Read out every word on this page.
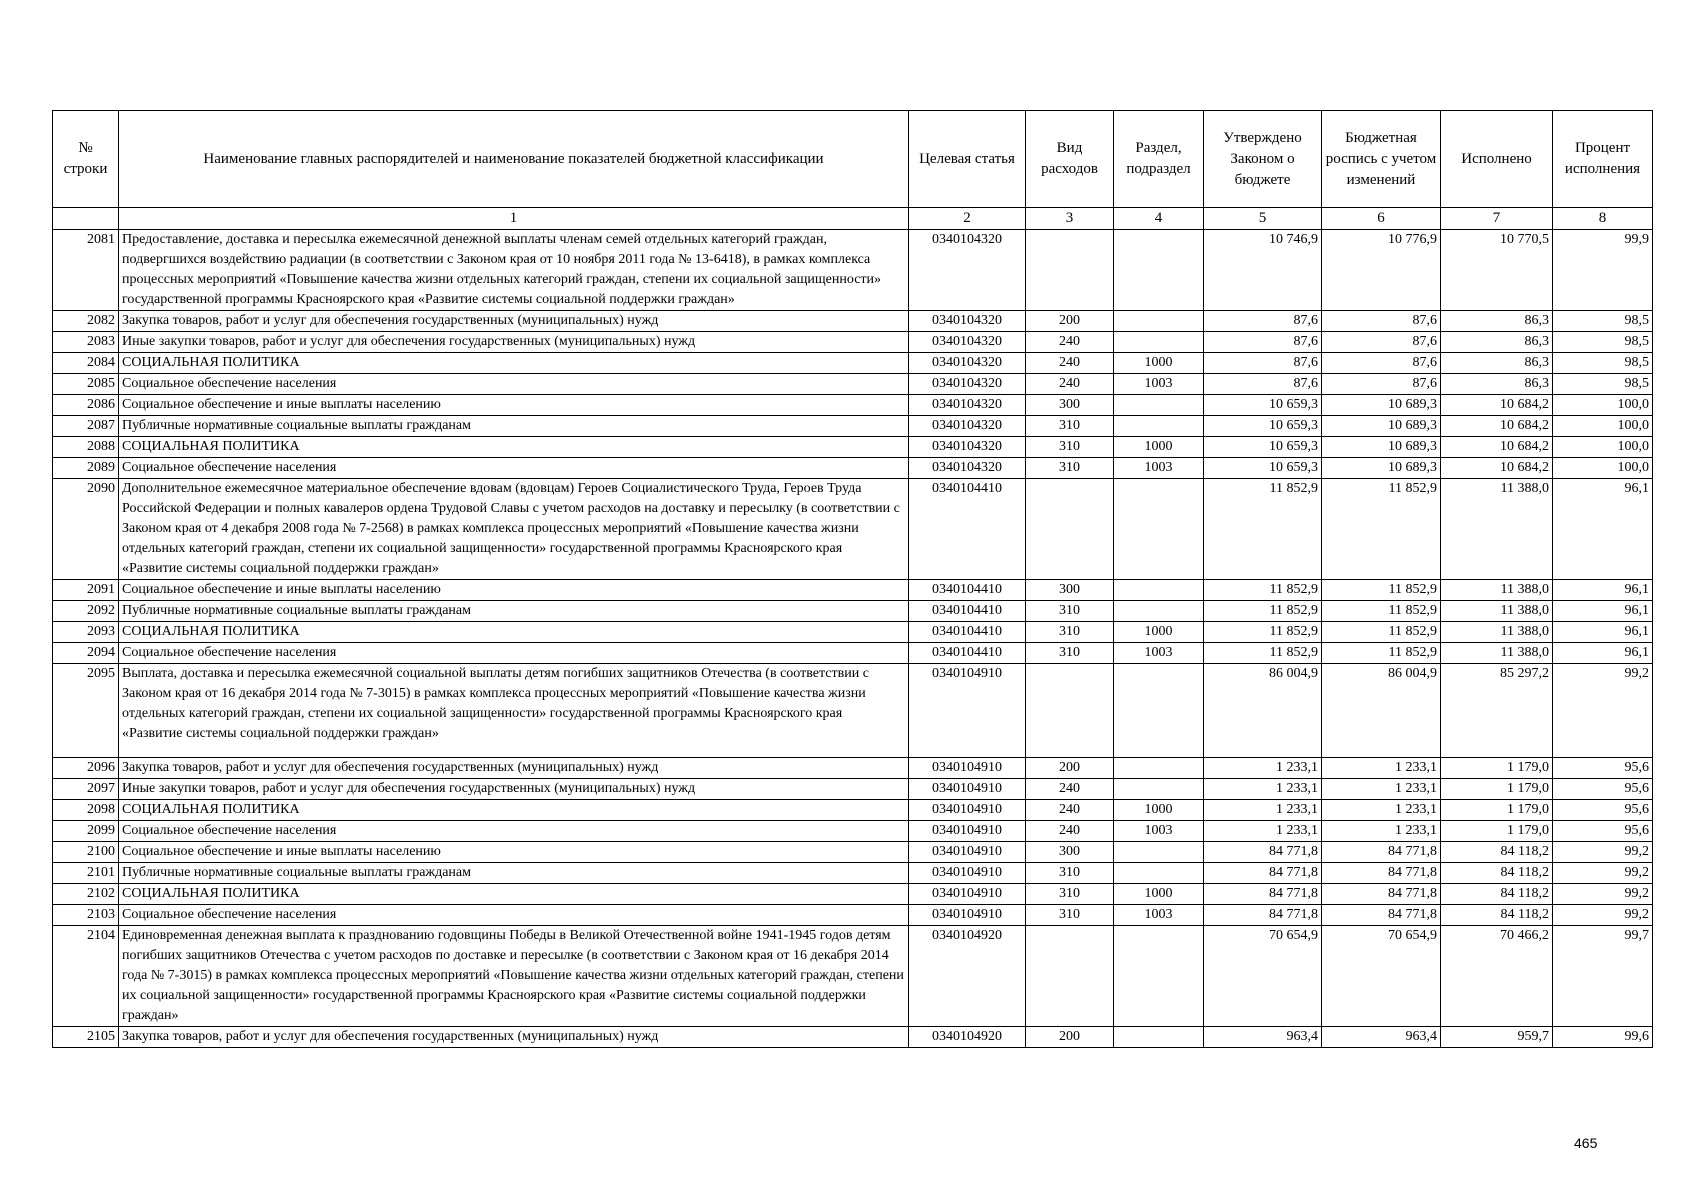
№ строки	Наименование главных распорядителей и наименование показателей бюджетной классификации	Целевая статья	Вид расходов	Раздел, подраздел	Утверждено Законом о бюджете	Бюджетная роспись с учетом изменений	Исполнено	Процент исполнения
	1	2	3	4	5	6	7	8
2081	Предоставление, доставка и пересылка ежемесячной денежной выплаты членам семей отдельных категорий граждан, подвергшихся воздействию радиации (в соответствии с Законом края от 10 ноября 2011 года № 13-6418), в рамках комплекса процессных мероприятий «Повышение качества жизни отдельных категорий граждан, степени их социальной защищенности» государственной программы Красноярского края «Развитие системы социальной поддержки граждан»	0340104320			10 746,9	10 776,9	10 770,5	99,9
2082	Закупка товаров, работ и услуг для обеспечения государственных (муниципальных) нужд	0340104320	200		87,6	87,6	86,3	98,5
2083	Иные закупки товаров, работ и услуг для обеспечения государственных (муниципальных) нужд	0340104320	240		87,6	87,6	86,3	98,5
2084	СОЦИАЛЬНАЯ ПОЛИТИКА	0340104320	240	1000	87,6	87,6	86,3	98,5
2085	Социальное обеспечение населения	0340104320	240	1003	87,6	87,6	86,3	98,5
2086	Социальное обеспечение и иные выплаты населению	0340104320	300		10 659,3	10 689,3	10 684,2	100,0
2087	Публичные нормативные социальные выплаты гражданам	0340104320	310		10 659,3	10 689,3	10 684,2	100,0
2088	СОЦИАЛЬНАЯ ПОЛИТИКА	0340104320	310	1000	10 659,3	10 689,3	10 684,2	100,0
2089	Социальное обеспечение населения	0340104320	310	1003	10 659,3	10 689,3	10 684,2	100,0
2090	Дополнительное ежемесячное материальное обеспечение вдовам (вдовцам) Героев Социалистического Труда, Героев Труда Российской Федерации и полных кавалеров ордена Трудовой Славы с учетом расходов на доставку и пересылку (в соответствии с Законом края от 4 декабря 2008 года № 7-2568) в рамках комплекса процессных мероприятий «Повышение качества жизни отдельных категорий граждан, степени их социальной защищенности» государственной программы Красноярского края «Развитие системы социальной поддержки граждан»	0340104410			11 852,9	11 852,9	11 388,0	96,1
2091	Социальное обеспечение и иные выплаты населению	0340104410	300		11 852,9	11 852,9	11 388,0	96,1
2092	Публичные нормативные социальные выплаты гражданам	0340104410	310		11 852,9	11 852,9	11 388,0	96,1
2093	СОЦИАЛЬНАЯ ПОЛИТИКА	0340104410	310	1000	11 852,9	11 852,9	11 388,0	96,1
2094	Социальное обеспечение населения	0340104410	310	1003	11 852,9	11 852,9	11 388,0	96,1
2095	Выплата, доставка и пересылка ежемесячной социальной выплаты детям погибших защитников Отечества (в соответствии с Законом края от 16 декабря 2014 года № 7-3015) в рамках комплекса процессных мероприятий «Повышение качества жизни отдельных категорий граждан, степени их социальной защищенности» государственной программы Красноярского края «Развитие системы социальной поддержки граждан»	0340104910			86 004,9	86 004,9	85 297,2	99,2
2096	Закупка товаров, работ и услуг для обеспечения государственных (муниципальных) нужд	0340104910	200		1 233,1	1 233,1	1 179,0	95,6
2097	Иные закупки товаров, работ и услуг для обеспечения государственных (муниципальных) нужд	0340104910	240		1 233,1	1 233,1	1 179,0	95,6
2098	СОЦИАЛЬНАЯ ПОЛИТИКА	0340104910	240	1000	1 233,1	1 233,1	1 179,0	95,6
2099	Социальное обеспечение населения	0340104910	240	1003	1 233,1	1 233,1	1 179,0	95,6
2100	Социальное обеспечение и иные выплаты населению	0340104910	300		84 771,8	84 771,8	84 118,2	99,2
2101	Публичные нормативные социальные выплаты гражданам	0340104910	310		84 771,8	84 771,8	84 118,2	99,2
2102	СОЦИАЛЬНАЯ ПОЛИТИКА	0340104910	310	1000	84 771,8	84 771,8	84 118,2	99,2
2103	Социальное обеспечение населения	0340104910	310	1003	84 771,8	84 771,8	84 118,2	99,2
2104	Единовременная денежная выплата к празднованию годовщины Победы в Великой Отечественной войне 1941-1945 годов детям погибших защитников Отечества с учетом расходов по доставке и пересылке (в соответствии с Законом края от 16 декабря 2014 года № 7-3015) в рамках комплекса процессных мероприятий «Повышение качества жизни отдельных категорий граждан, степени их социальной защищенности» государственной программы Красноярского края «Развитие системы социальной поддержки граждан»	0340104920			70 654,9	70 654,9	70 466,2	99,7
2105	Закупка товаров, работ и услуг для обеспечения государственных (муниципальных) нужд	0340104920	200		963,4	963,4	959,7	99,6
465
